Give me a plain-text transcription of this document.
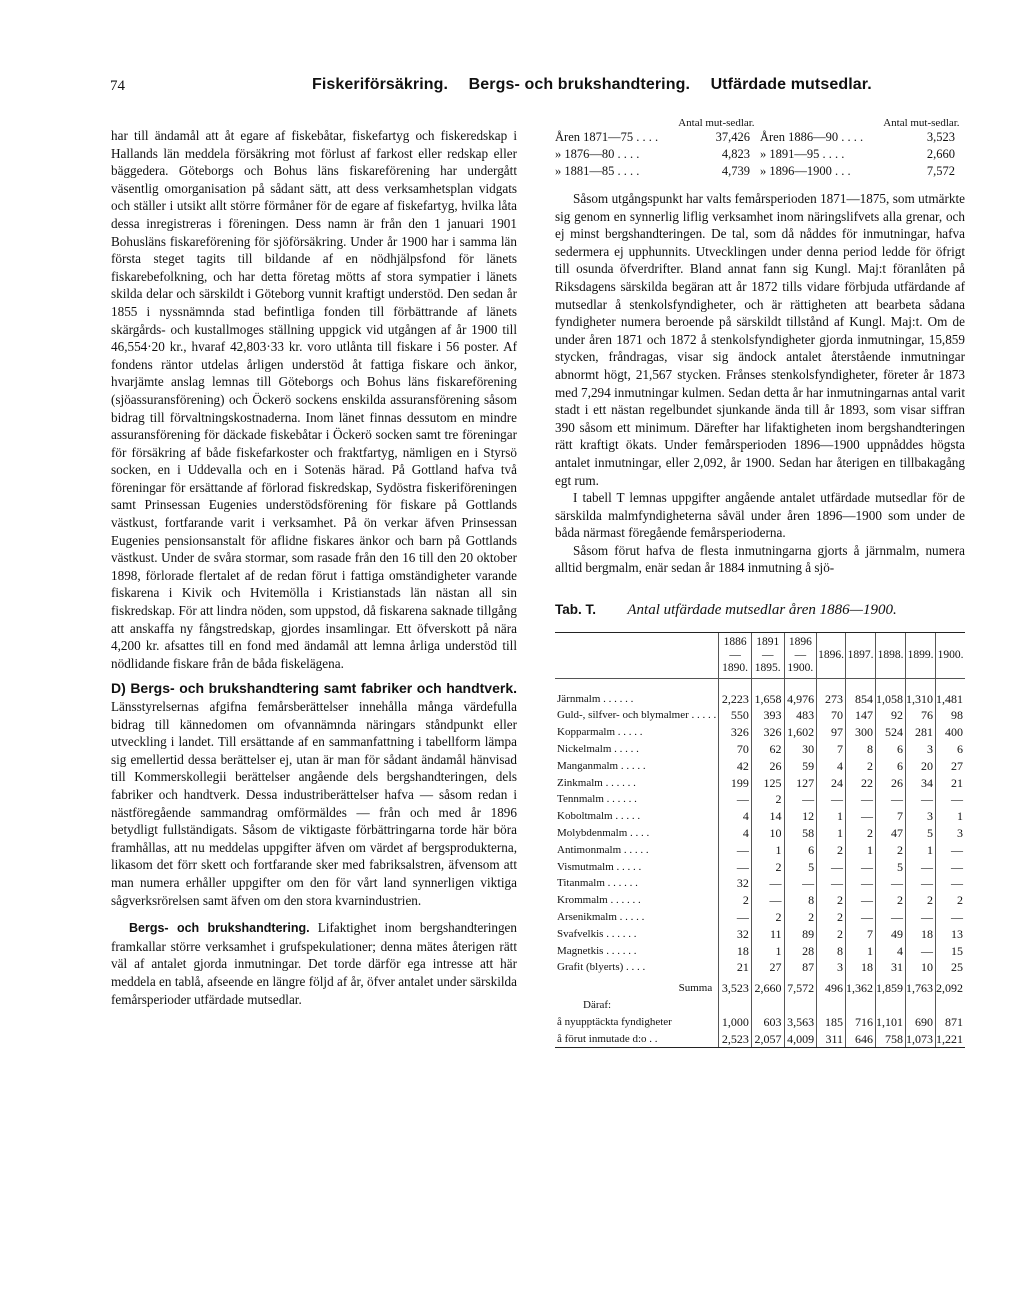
74	Fiskeriförsäkring. Bergs- och brukshandtering. Utfärdade mutsedlar.

har till ändamål att åt egare af fiskebåtar, fiskefartyg och fiskeredskap i Hallands län meddela försäkring mot förlust af farkost eller redskap eller bäggedera. Göteborgs och Bohus läns fiskareförening har undergått väsentlig omorganisation på sådant sätt, att dess verksamhetsplan vidgats och ställer i utsikt allt större förmåner för de egare af fiskefartyg, hvilka låta dessa inregistreras i föreningen. Dess namn är från den 1 januari 1901 Bohusläns fiskareförening för sjöförsäkring. Under år 1900 har i samma län första steget tagits till bildande af en nödhjälpsfond för länets fiskarebefolkning, och har detta företag mötts af stora sympatier i länets skilda delar och särskildt i Göteborg vunnit kraftigt understöd. Den sedan år 1855 i nyssnämnda stad befintliga fonden till förbättrande af länets skärgårds- och kustallmoges ställning uppgick vid utgången af år 1900 till 46,554·20 kr., hvaraf 42,803·33 kr. voro utlånta till fiskare i 56 poster. Af fondens räntor utdelas årligen understöd åt fattiga fiskare och änkor, hvarjämte anslag lemnas till Göteborgs och Bohus läns fiskareförening (sjöassuransförening) och Öckerö sockens enskilda assuransförening såsom bidrag till förvaltningskostnaderna. Inom länet finnas dessutom en mindre assuransförening för däckade fiskebåtar i Öckerö socken samt tre föreningar för försäkring af både fiskefarkoster och fraktfartyg, nämligen en i Styrsö socken, en i Uddevalla och en i Sotenäs härad. På Gottland hafva två föreningar för ersättande af förlorad fiskredskap, Sydöstra fiskeriföreningen samt Prinsessan Eugenies understödsförening för fiskare på Gottlands västkust, fortfarande varit i verksamhet. På ön verkar äfven Prinsessan Eugenies pensionsanstalt för aflidne fiskares änkor och barn på Gottlands västkust. Under de svåra stormar, som rasade från den 16 till den 20 oktober 1898, förlorade flertalet af de redan förut i fattiga omständigheter varande fiskarena i Kivik och Hvitemölla i Kristianstads län nästan all sin fiskredskap. För att lindra nöden, som uppstod, då fiskarena saknade tillgång att anskaffa ny fångstredskap, gjordes insamlingar. Ett öfverskott på nära 4,200 kr. afsattes till en fond med ändamål att lemna årliga understöd till nödlidande fiskare från de båda fiskelägena.

D) Bergs- och brukshandtering samt fabriker och handtverk. Länsstyrelsernas afgifna femårsberättelser innehålla många värdefulla bidrag till kännedomen om ofvannämnda näringars ståndpunkt eller utveckling i landet. Till ersättande af en sammanfattning i tabellform lämpa sig emellertid dessa berättelser ej, utan är man för sådant ändamål hänvisad till Kommerskollegii berättelser angående dels bergshandteringen, dels fabriker och handtverk. Dessa industriberättelser hafva — såsom redan i nästföregående sammandrag omförmäldes — från och med år 1896 betydligt fullständigats. Såsom de viktigaste förbättringarna torde här böra framhållas, att nu meddelas uppgifter äfven om värdet af bergsprodukterna, likasom det förr skett och fortfarande sker med fabriksalstren, äfvensom att man numera erhåller uppgifter om den för vårt land synnerligen viktiga sågverksrörelsen samt äfven om den stora kvarnindustrien.

Bergs- och brukshandtering. Lifaktighet inom bergshandteringen framkallar större verksamhet i grufspekulationer; denna mätes återigen rätt väl af antalet gjorda inmutningar. Det torde därför ega intresse att här meddela en tablå, afseende en längre följd af år, öfver antalet under särskilda femårsperioder utfärdade mutsedlar.

	Antal mut-sedlar.		Antal mut-sedlar.
Åren 1871—75 . . . .	37,426	Åren 1886—90 . . . .	3,523
» 1876—80 . . . .	4,823	» 1891—95 . . . .	2,660
» 1881—85 . . . .	4,739	» 1896—1900 . . .	7,572

Såsom utgångspunkt har valts femårsperioden 1871—1875, som utmärkte sig genom en synnerlig liflig verksamhet inom näringslifvets alla grenar, och ej minst bergshandteringen. De tal, som då nåddes för inmutningar, hafva sedermera ej upphunnits. Utvecklingen under denna period ledde för öfrigt till osunda öfverdrifter. Bland annat fann sig Kungl. Maj:t föranlåten på Riksdagens särskilda begäran att år 1872 tills vidare förbjuda utfärdande af mutsedlar å stenkolsfyndigheter, och är rättigheten att bearbeta sådana fyndigheter numera beroende på särskildt tillstånd af Kungl. Maj:t. Om de under åren 1871 och 1872 å stenkolsfyndigheter gjorda inmutningar, 15,859 stycken, fråndragas, visar sig ändock antalet återstående inmutningar abnormt högt, 21,567 stycken. Frånses stenkolsfyndigheter, företer år 1873 med 7,294 inmutningar kulmen. Sedan detta år har inmutningarnas antal varit stadt i ett nästan regelbundet sjunkande ända till år 1893, som visar siffran 390 såsom ett minimum. Därefter har lifaktigheten inom bergshandteringen rätt kraftigt ökats. Under femårsperioden 1896—1900 uppnåddes högsta antalet inmutningar, eller 2,092, år 1900. Sedan har återigen en tillbakagång egt rum.

I tabell T lemnas uppgifter angående antalet utfärdade mutsedlar för de särskilda malmfyndigheterna såväl under åren 1896—1900 som under de båda närmast föregående femårsperioderna.

Såsom förut hafva de flesta inmutningarna gjorts å järnmalm, numera alltid bergmalm, enär sedan år 1884 inmutning å sjö-

Tab. T. Antal utfärdade mutsedlar åren 1886—1900.
	1886—1890.	1891—1895.	1896—1900.	1896.	1897.	1898.	1899.	1900.
Järnmalm . . . . . .	2,223	1,658	4,976	273	854	1,058	1,310	1,481
Guld-, silfver- och blymalmer . . . . .	550	393	483	70	147	92	76	98
Kopparmalm . . . . .	326	326	1,602	97	300	524	281	400
Nickelmalm . . . . .	70	62	30	7	8	6	3	6
Manganmalm . . . . .	42	26	59	4	2	6	20	27
Zinkmalm . . . . . .	199	125	127	24	22	26	34	21
Tennmalm . . . . . .	—	2	—	—	—	—	—	—
Koboltmalm . . . . .	4	14	12	1	—	7	3	1
Molybdenmalm . . . .	4	10	58	1	2	47	5	3
Antimonmalm . . . . .	—	1	6	2	1	2	1	—
Vismutmalm . . . . .	—	2	5	—	—	5	—	—
Titanmalm . . . . . .	32	—	—	—	—	—	—	—
Krommalm . . . . . .	2	—	8	2	—	2	2	2
Arsenikmalm . . . . .	—	2	2	2	—	—	—	—
Svafvelkis . . . . . .	32	11	89	2	7	49	18	13
Magnetkis . . . . . .	18	1	28	8	1	4	—	15
Grafit (blyerts) . . . .	21	27	87	3	18	31	10	25
Summa	3,523	2,660	7,572	496	1,362	1,859	1,763	2,092
Däraf:								
å nyupptäckta fyndigheter	1,000	603	3,563	185	716	1,101	690	871
å förut inmutade d:o . .	2,523	2,057	4,009	311	646	758	1,073	1,221
